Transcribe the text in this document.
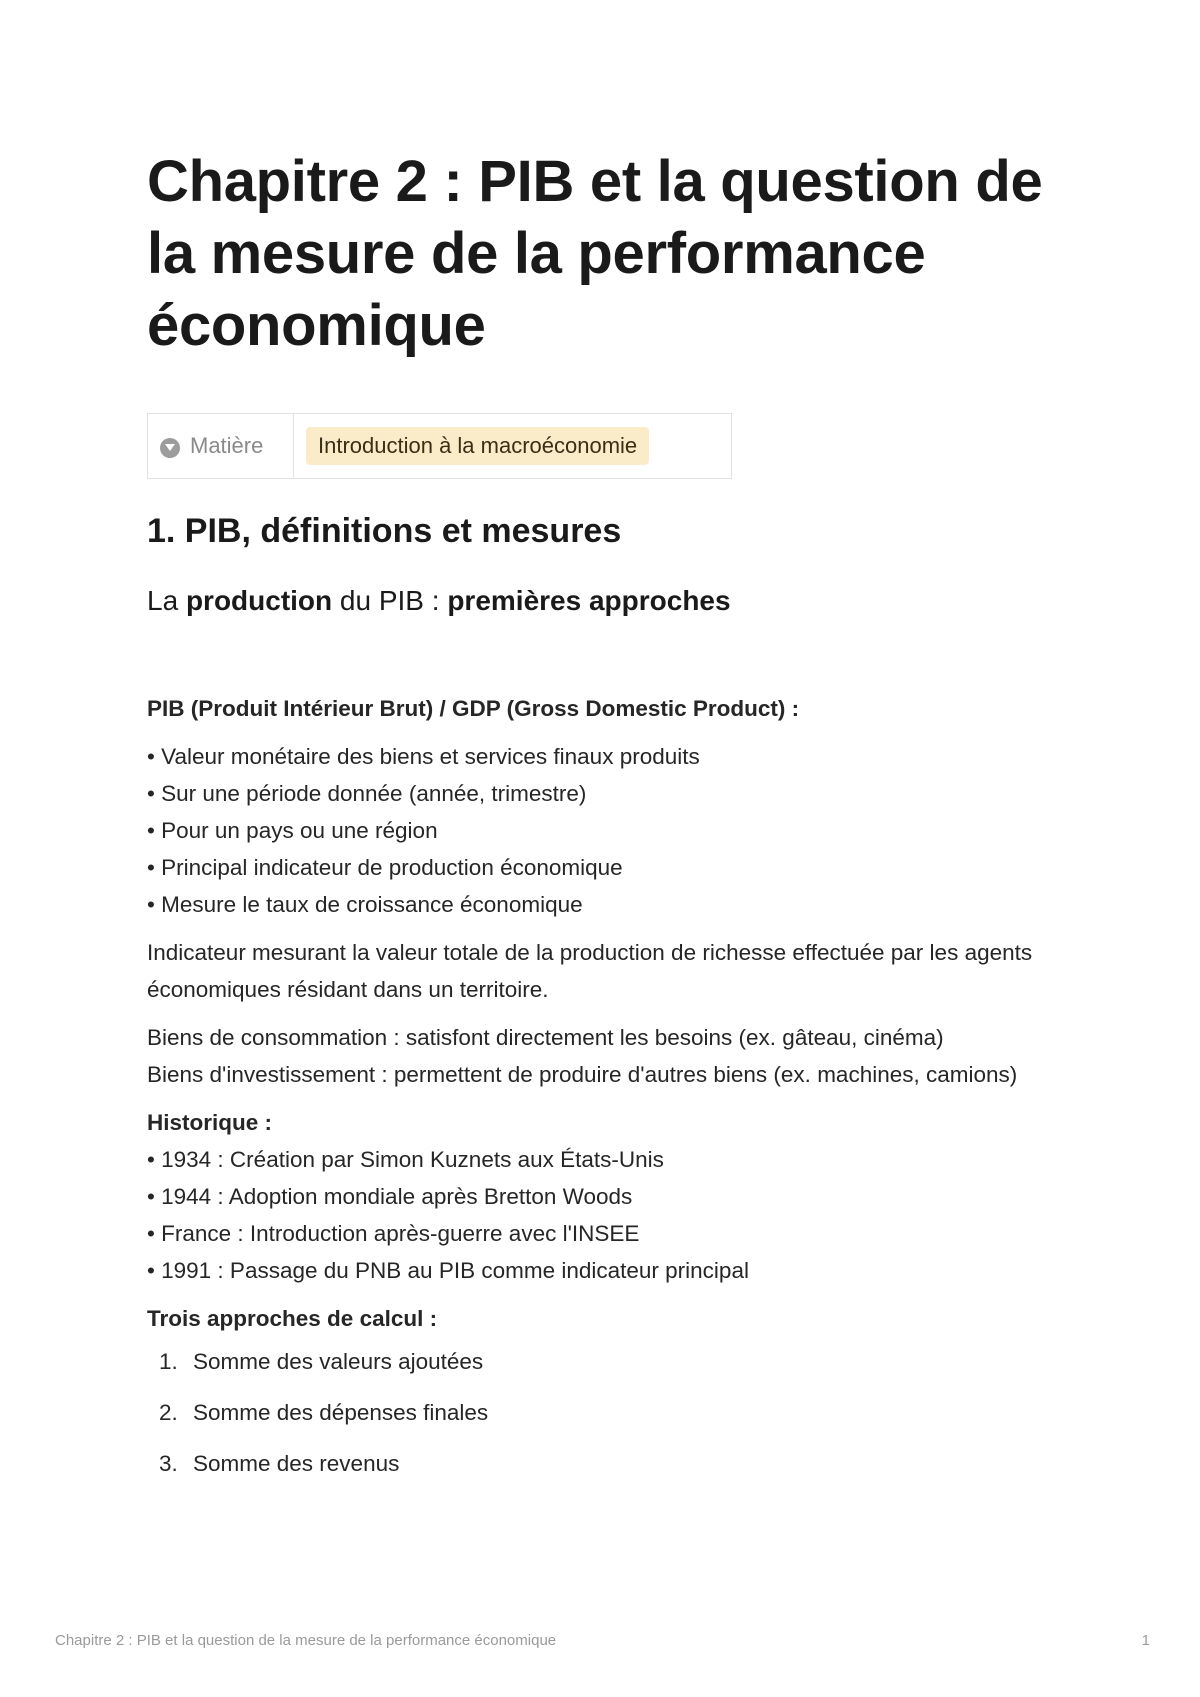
Chapitre 2 : PIB et la question de la mesure de la performance économique
Matière	Introduction à la macroéconomie
1. PIB, définitions et mesures
La production du PIB : premières approches

PIB (Produit Intérieur Brut) / GDP (Gross Domestic Product) :

• Valeur monétaire des biens et services finaux produits

• Sur une période donnée (année, trimestre)

• Pour un pays ou une région

• Principal indicateur de production économique

• Mesure le taux de croissance économique

Indicateur mesurant la valeur totale de la production de richesse effectuée par les agents économiques résidant dans un territoire.

Biens de consommation : satisfont directement les besoins (ex. gâteau, cinéma)

Biens d'investissement : permettent de produire d'autres biens (ex. machines, camions)

Historique :

• 1934 : Création par Simon Kuznets aux États-Unis

• 1944 : Adoption mondiale après Bretton Woods

• France : Introduction après-guerre avec l'INSEE

• 1991 : Passage du PNB au PIB comme indicateur principal

Trois approches de calcul :

1. Somme des valeurs ajoutées
2. Somme des dépenses finales
3. Somme des revenus
Chapitre 2 : PIB et la question de la mesure de la performance économique	1
